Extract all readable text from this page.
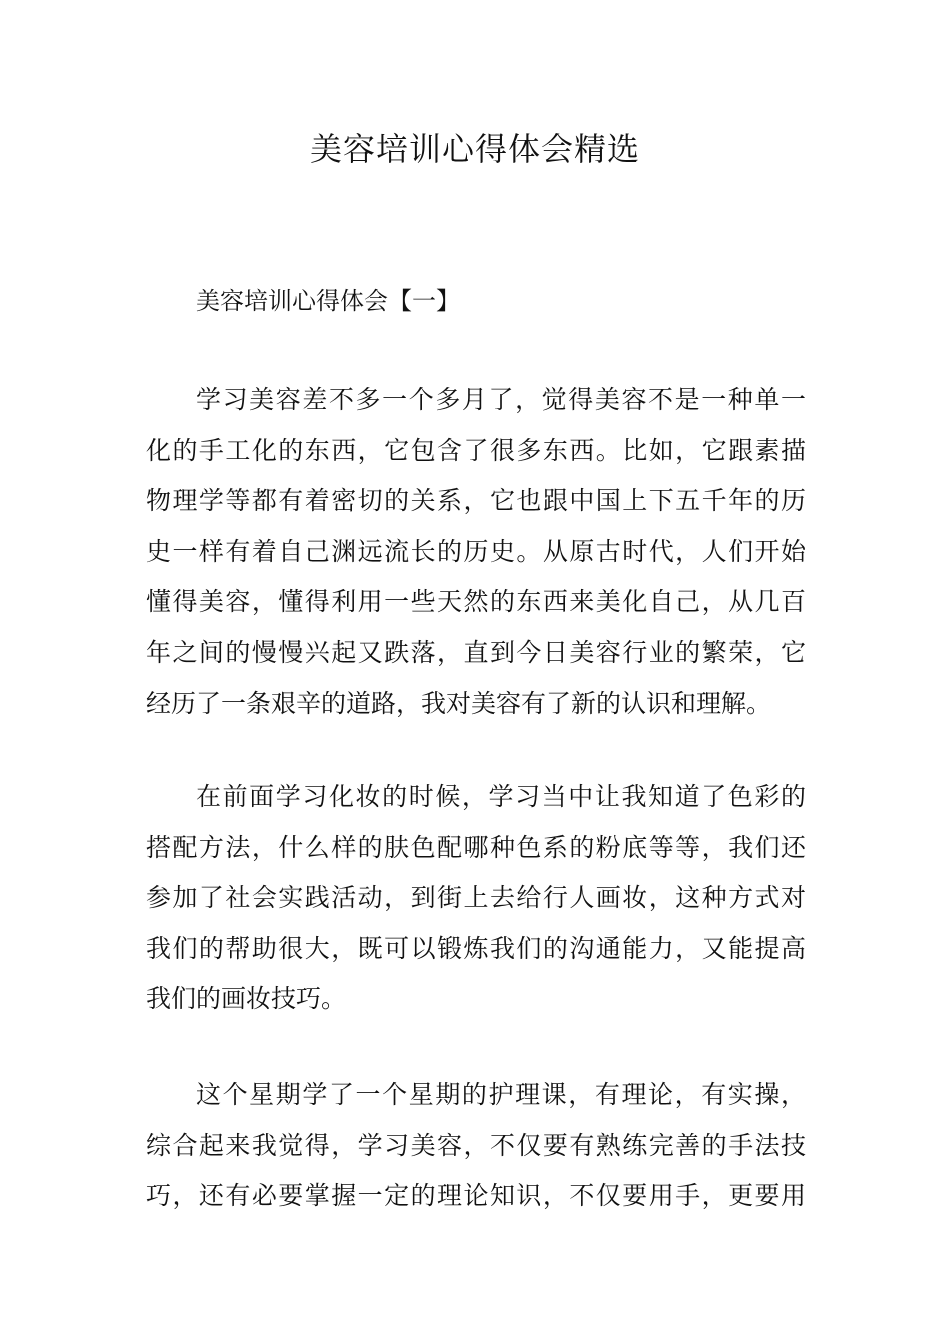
美容培训心得体会精选
美容培训心得体会【一】
学习美容差不多一个多月了，觉得美容不是一种单一
化的手工化的东西，它包含了很多东西。比如，它跟素描
物理学等都有着密切的关系，它也跟中国上下五千年的历
史一样有着自己渊远流长的历史。从原古时代，人们开始
懂得美容，懂得利用一些天然的东西来美化自己，从几百
年之间的慢慢兴起又跌落，直到今日美容行业的繁荣，它
经历了一条艰辛的道路，我对美容有了新的认识和理解。
在前面学习化妆的时候，学习当中让我知道了色彩的
搭配方法，什么样的肤色配哪种色系的粉底等等，我们还
参加了社会实践活动，到街上去给行人画妆，这种方式对
我们的帮助很大，既可以锻炼我们的沟通能力，又能提高
我们的画妆技巧。
这个星期学了一个星期的护理课，有理论，有实操，
综合起来我觉得，学习美容，不仅要有熟练完善的手法技
巧，还有必要掌握一定的理论知识，不仅要用手，更要用
